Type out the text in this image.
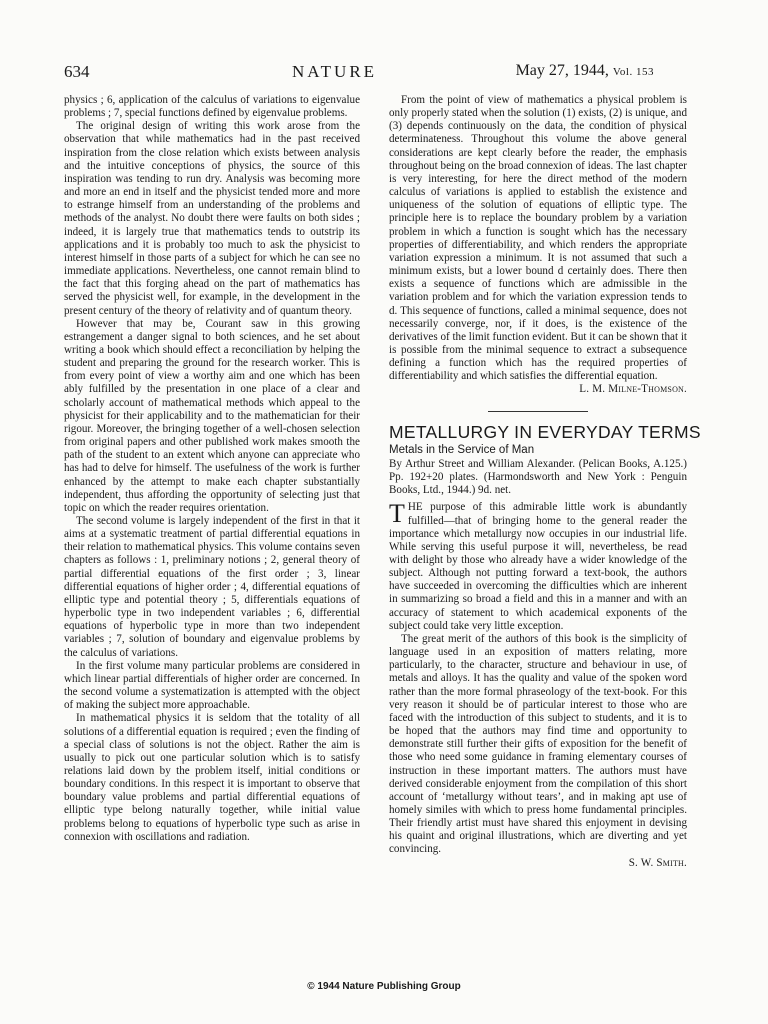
634	NATURE	May 27, 1944, Vol. 153

physics ; 6, application of the calculus of variations to eigenvalue problems ; 7, special functions defined by eigenvalue problems.

The original design of writing this work arose from the observation that while mathematics had in the past received inspiration from the close relation which exists between analysis and the intuitive conceptions of physics, the source of this inspiration was tending to run dry. Analysis was becoming more and more an end in itself and the physicist tended more and more to estrange himself from an understanding of the problems and methods of the analyst. No doubt there were faults on both sides ; indeed, it is largely true that mathematics tends to outstrip its applications and it is probably too much to ask the physicist to interest himself in those parts of a subject for which he can see no immediate applications. Nevertheless, one cannot remain blind to the fact that this forging ahead on the part of mathematics has served the physicist well, for example, in the development in the present century of the theory of relativity and of quantum theory.

However that may be, Courant saw in this growing estrangement a danger signal to both sciences, and he set about writing a book which should effect a reconciliation by helping the student and preparing the ground for the research worker. This is from every point of view a worthy aim and one which has been ably fulfilled by the presentation in one place of a clear and scholarly account of mathematical methods which appeal to the physicist for their applicability and to the mathematician for their rigour. Moreover, the bringing together of a well-chosen selection from original papers and other published work makes smooth the path of the student to an extent which anyone can appreciate who has had to delve for himself. The usefulness of the work is further enhanced by the attempt to make each chapter substantially independent, thus affording the opportunity of selecting just that topic on which the reader requires orientation.

The second volume is largely independent of the first in that it aims at a systematic treatment of partial differential equations in their relation to mathematical physics. This volume contains seven chapters as follows : 1, preliminary notions ; 2, general theory of partial differential equations of the first order ; 3, linear differential equations of higher order ; 4, differential equations of elliptic type and potential theory ; 5, differentials equations of hyperbolic type in two independent variables ; 6, differential equations of hyperbolic type in more than two independent variables ; 7, solution of boundary and eigenvalue problems by the calculus of variations.

In the first volume many particular problems are considered in which linear partial differentials of higher order are concerned. In the second volume a systematization is attempted with the object of making the subject more approachable.

In mathematical physics it is seldom that the totality of all solutions of a differential equation is required ; even the finding of a special class of solutions is not the object. Rather the aim is usually to pick out one particular solution which is to satisfy relations laid down by the problem itself, initial conditions or boundary conditions. In this respect it is important to observe that boundary value problems and partial differential equations of elliptic type belong naturally together, while initial value problems belong to equations of hyperbolic type such as arise in connexion with oscillations and radiation.

From the point of view of mathematics a physical problem is only properly stated when the solution (1) exists, (2) is unique, and (3) depends continuously on the data, the condition of physical determinateness. Throughout this volume the above general considerations are kept clearly before the reader, the emphasis throughout being on the broad connexion of ideas. The last chapter is very interesting, for here the direct method of the modern calculus of variations is applied to establish the existence and uniqueness of the solution of equations of elliptic type. The principle here is to replace the boundary problem by a variation problem in which a function is sought which has the necessary properties of differentiability, and which renders the appropriate variation expression a minimum. It is not assumed that such a minimum exists, but a lower bound d certainly does. There then exists a sequence of functions which are admissible in the variation problem and for which the variation expression tends to d. This sequence of functions, called a minimal sequence, does not necessarily converge, nor, if it does, is the existence of the derivatives of the limit function evident. But it can be shown that it is possible from the minimal sequence to extract a subsequence defining a function which has the required properties of differentiability and which satisfies the differential equation.

L. M. Milne-Thomson.
METALLURGY IN EVERYDAY TERMS
Metals in the Service of Man

By Arthur Street and William Alexander. (Pelican Books, A.125.) Pp. 192+20 plates. (Harmondsworth and New York : Penguin Books, Ltd., 1944.) 9d. net.

T HE purpose of this admirable little work is abundantly fulfilled—that of bringing home to the general reader the importance which metallurgy now occupies in our industrial life. While serving this useful purpose it will, nevertheless, be read with delight by those who already have a wider knowledge of the subject. Although not putting forward a text-book, the authors have succeeded in overcoming the difficulties which are inherent in summarizing so broad a field and this in a manner and with an accuracy of statement to which academical exponents of the subject could take very little exception.

The great merit of the authors of this book is the simplicity of language used in an exposition of matters relating, more particularly, to the character, structure and behaviour in use, of metals and alloys. It has the quality and value of the spoken word rather than the more formal phraseology of the text-book. For this very reason it should be of particular interest to those who are faced with the introduction of this subject to students, and it is to be hoped that the authors may find time and opportunity to demonstrate still further their gifts of exposition for the benefit of those who need some guidance in framing elementary courses of instruction in these important matters. The authors must have derived considerable enjoyment from the compilation of this short account of ‘metallurgy without tears’, and in making apt use of homely similes with which to press home fundamental principles. Their friendly artist must have shared this enjoyment in devising his quaint and original illustrations, which are diverting and yet convincing.

S. W. Smith.
© 1944 Nature Publishing Group
